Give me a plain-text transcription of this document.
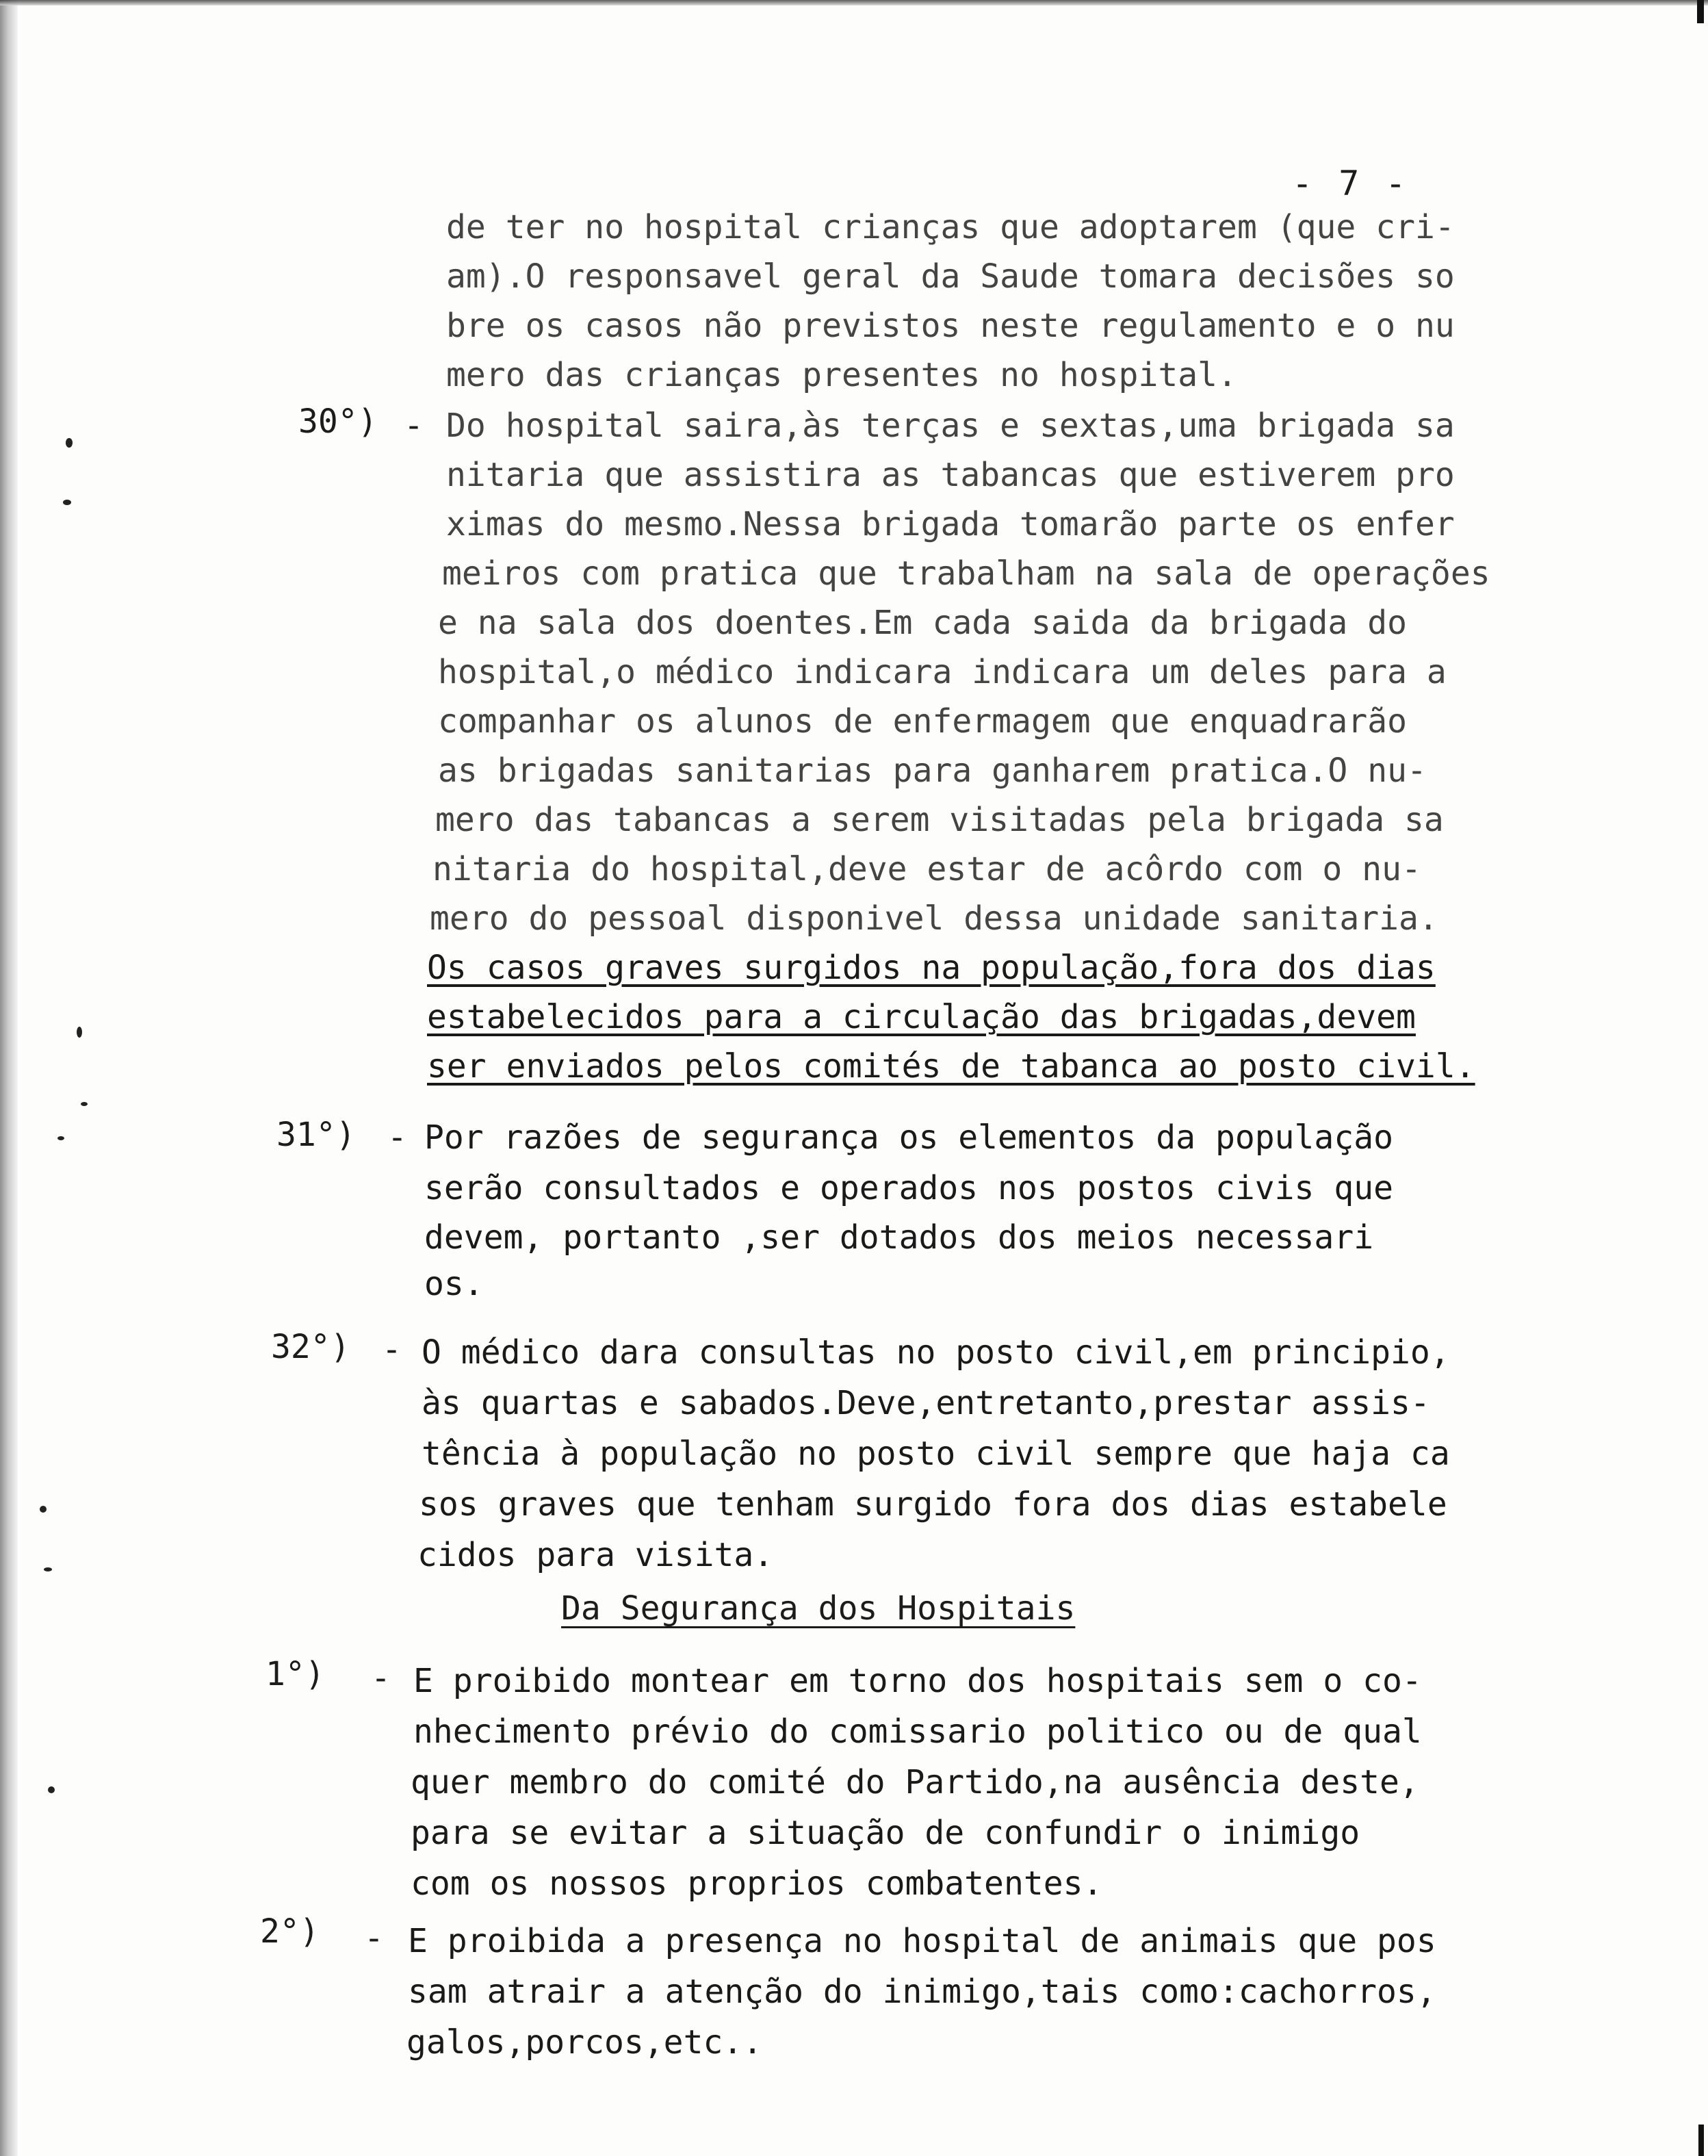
- 7 -
de ter no hospital crianças que adoptarem (que cri-
am).O responsavel geral da Saude tomara decisões so
bre os casos não previstos neste regulamento e o nu
mero das crianças presentes no hospital.
30°) - Do hospital saira,às terças e sextas,uma brigada sa
nitaria que assistira as tabancas que estiverem pro
ximas do mesmo.Nessa brigada tomarão parte os enfer
meiros com pratica que trabalham na sala de operações
e na sala dos doentes.Em cada saida da brigada do
hospital,o médico indicara indicara um deles para a
companhar os alunos de enfermagem que enquadrarão
as brigadas sanitarias para ganharem pratica.O nu-
mero das tabancas a serem visitadas pela brigada sa
nitaria do hospital,deve estar de acôrdo com o nu-
mero do pessoal disponivel dessa unidade sanitaria.
Os casos graves surgidos na população,fora dos dias
estabelecidos para a circulação das brigadas,devem
ser enviados pelos comités de tabanca ao posto civil.
31°) - Por razões de segurança os elementos da população
serão consultados e operados nos postos civis que
devem, portanto ,ser dotados dos meios necessari
os.
32°) - O médico dara consultas no posto civil,em principio,
às quartas e sabados.Deve,entretanto,prestar assis-
tência à população no posto civil sempre que haja ca
sos graves que tenham surgido fora dos dias estabele
cidos para visita.
Da Segurança dos Hospitais
1°) - E proibido montear em torno dos hospitais sem o co-
nhecimento prévio do comissario politico ou de qual
quer membro do comité do Partido,na ausência deste,
para se evitar a situação de confundir o inimigo
com os nossos proprios combatentes.
2°) - E proibida a presença no hospital de animais que pos
sam atrair a atenção do inimigo,tais como:cachorros,
galos,porcos,etc..
